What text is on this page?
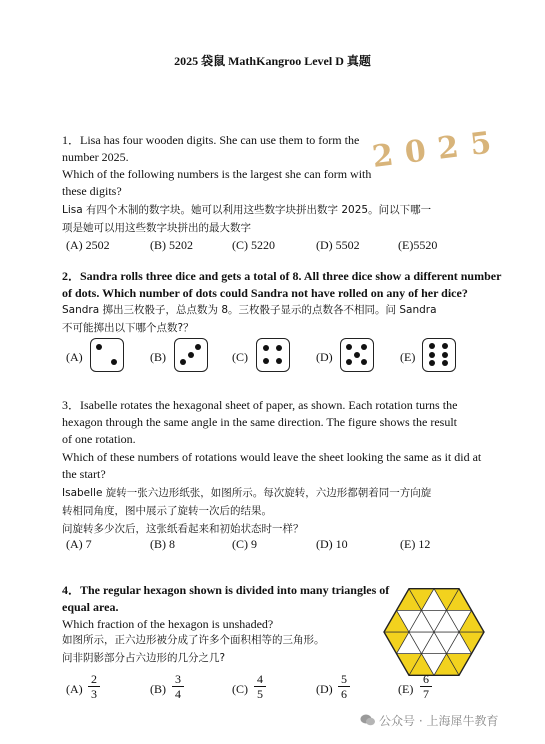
2025 袋鼠 MathKangroo Level D 真题
2025

1．Lisa has four wooden digits. She can use them to form the

number 2025.

Which of the following numbers is the largest she can form with

these digits?

Lisa 有四个木制的数字块。她可以利用这些数字块拼出数字 2025。问以下哪一

项是她可以用这些数字块拼出的最大数字

(A) 2502	(B) 5202	(C) 5220	(D) 5502	(E)5520

2．Sandra rolls three dice and gets a total of 8. All three dice show a different number

of dots. Which number of dots could Sandra not have rolled on any of her dice?

Sandra 掷出三枚骰子，总点数为 8。三枚骰子显示的点数各不相同。问 Sandra

不可能掷出以下哪个点数?？

(A)	(B)	(C)	(D)	(E)

3．Isabelle rotates the hexagonal sheet of paper, as shown. Each rotation turns the

hexagon through the same angle in the same direction. The figure shows the result

of one rotation.

Which of these numbers of rotations would leave the sheet looking the same as it did at

the start?

Isabelle 旋转一张六边形纸张，如图所示。每次旋转，六边形都朝着同一方向旋

转相同角度，图中展示了旋转一次后的结果。

问旋转多少次后，这张纸看起来和初始状态时一样？

(A) 7	(B) 8	(C) 9	(D) 10	(E) 12

4．The regular hexagon shown is divided into many triangles of

equal area.

Which fraction of the hexagon is unshaded?

如图所示，正六边形被分成了许多个面积相等的三角形。

问非阴影部分占六边形的几分之几?

$(A) \frac{2}{3}$	$(B) \frac{3}{4}$	$(C) \frac{4}{5}$	$(D) \frac{5}{6}$	$(E) \frac{6}{7}$
公众号 · 上海犀牛教育
